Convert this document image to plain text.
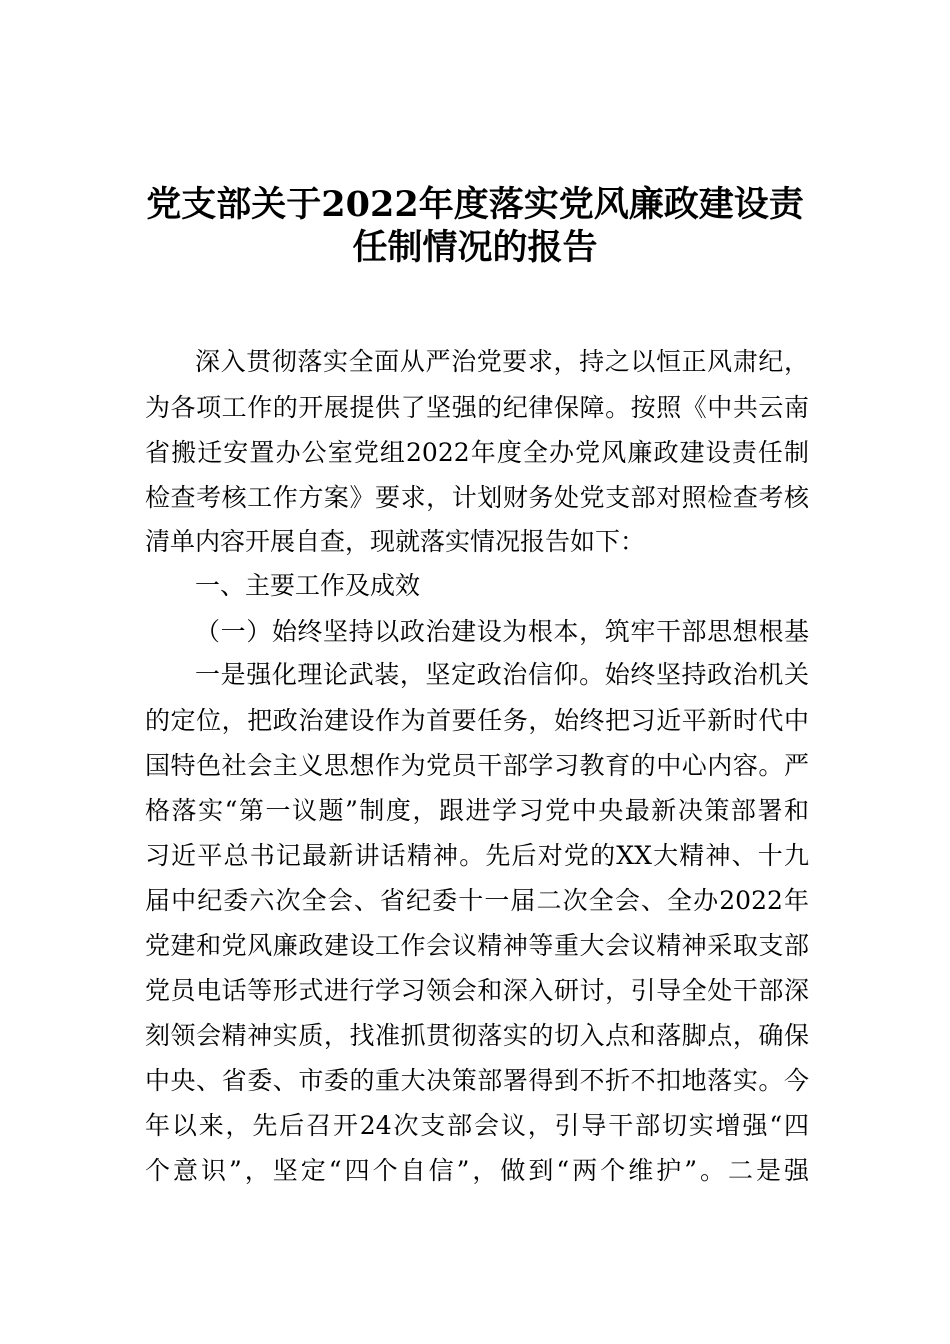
党支部关于2022年度落实党风廉政建设责
任制情况的报告
深入贯彻落实全面从严治党要求，持之以恒正风肃纪，
为各项工作的开展提供了坚强的纪律保障。按照《中共云南
省搬迁安置办公室党组2022年度全办党风廉政建设责任制
检查考核工作方案》要求，计划财务处党支部对照检查考核
清单内容开展自查，现就落实情况报告如下：
一、主要工作及成效
（一）始终坚持以政治建设为根本，筑牢干部思想根基
一是强化理论武装，坚定政治信仰。始终坚持政治机关
的定位，把政治建设作为首要任务，始终把习近平新时代中
国特色社会主义思想作为党员干部学习教育的中心内容。严
格落实“第一议题”制度，跟进学习党中央最新决策部署和
习近平总书记最新讲话精神。先后对党的XX大精神、十九
届中纪委六次全会、省纪委十一届二次全会、全办2022年
党建和党风廉政建设工作会议精神等重大会议精神采取支部
党员电话等形式进行学习领会和深入研讨，引导全处干部深
刻领会精神实质，找准抓贯彻落实的切入点和落脚点，确保
中央、省委、市委的重大决策部署得到不折不扣地落实。今
年以来，先后召开24次支部会议，引导干部切实增强“四
个意识”，坚定“四个自信”，做到“两个维护”。二是强
